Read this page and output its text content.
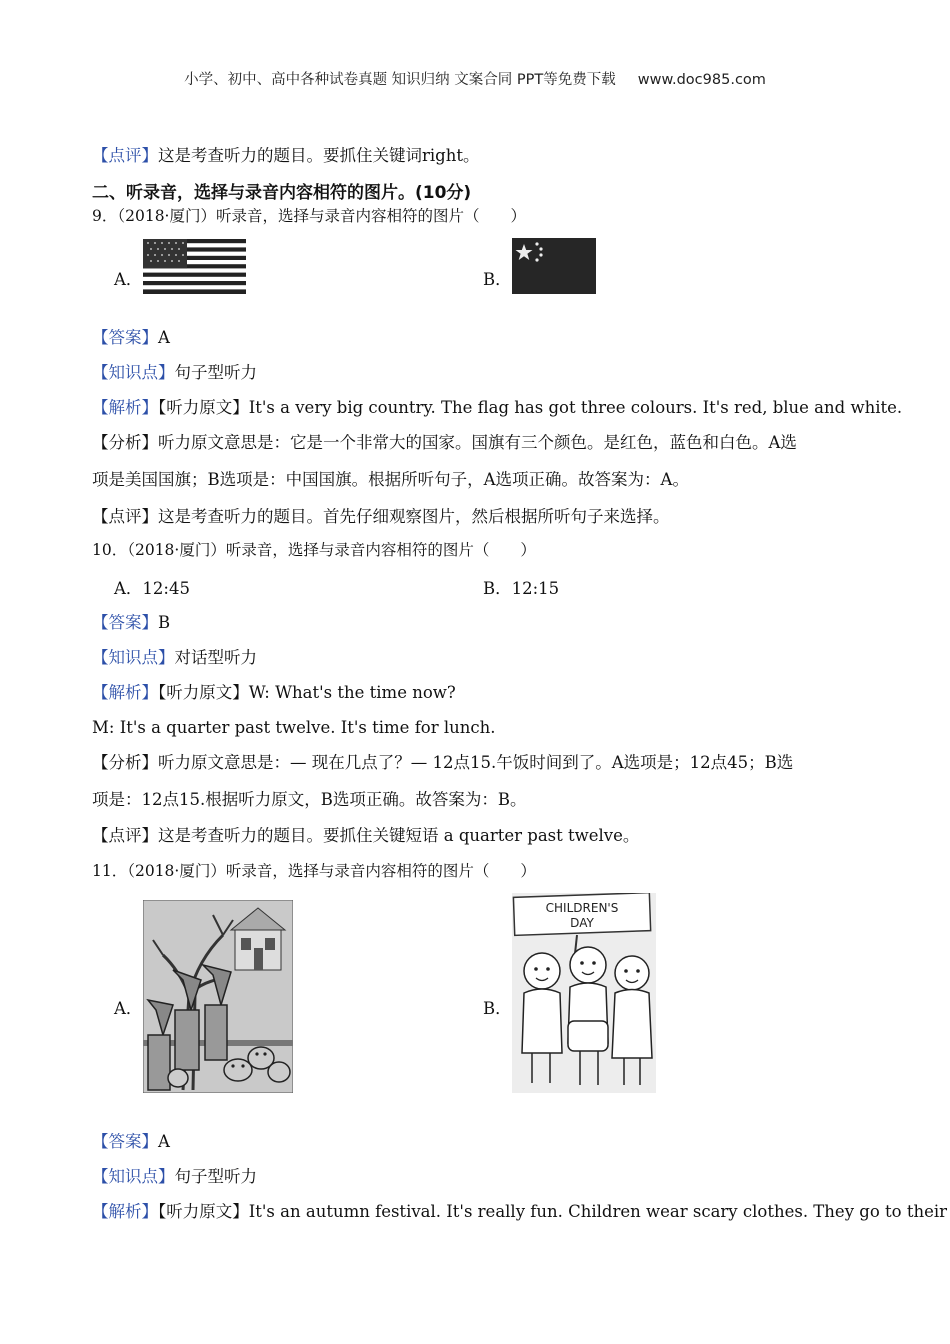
小学、初中、高中各种试卷真题 知识归纳 文案合同 PPT等免费下载 www.doc985.com
【点评】这是考查听力的题目。要抓住关键词right。
二、听录音，选择与录音内容相符的图片。(10分)
9．（2018·厦门）听录音，选择与录音内容相符的图片（　　）
A．	B．
【答案】A
【知识点】句子型听力
【解析】【听力原文】It's a very big country. The flag has got three colours. It's red, blue and white.
【分析】听力原文意思是：它是一个非常大的国家。国旗有三个颜色。是红色，蓝色和白色。A选
项是美国国旗；B选项是：中国国旗。根据所听句子，A选项正确。故答案为：A。
【点评】这是考查听力的题目。首先仔细观察图片，然后根据所听句子来选择。
10．（2018·厦门）听录音，选择与录音内容相符的图片（　　）
A．12:45	B．12:15
【答案】B
【知识点】对话型听力
【解析】【听力原文】W: What's the time now?
M: It's a quarter past twelve. It's time for lunch.
【分析】听力原文意思是：— 现在几点了？— 12点15.午饭时间到了。A选项是；12点45；B选
项是：12点15.根据听力原文，B选项正确。故答案为：B。
【点评】这是考查听力的题目。要抓住关键短语 a quarter past twelve。
11．（2018·厦门）听录音，选择与录音内容相符的图片（　　）
A．	B．
CHILDREN'S
DAY
【答案】A
【知识点】句子型听力
【解析】【听力原文】It's an autumn festival. It's really fun. Children wear scary clothes. They go to their
